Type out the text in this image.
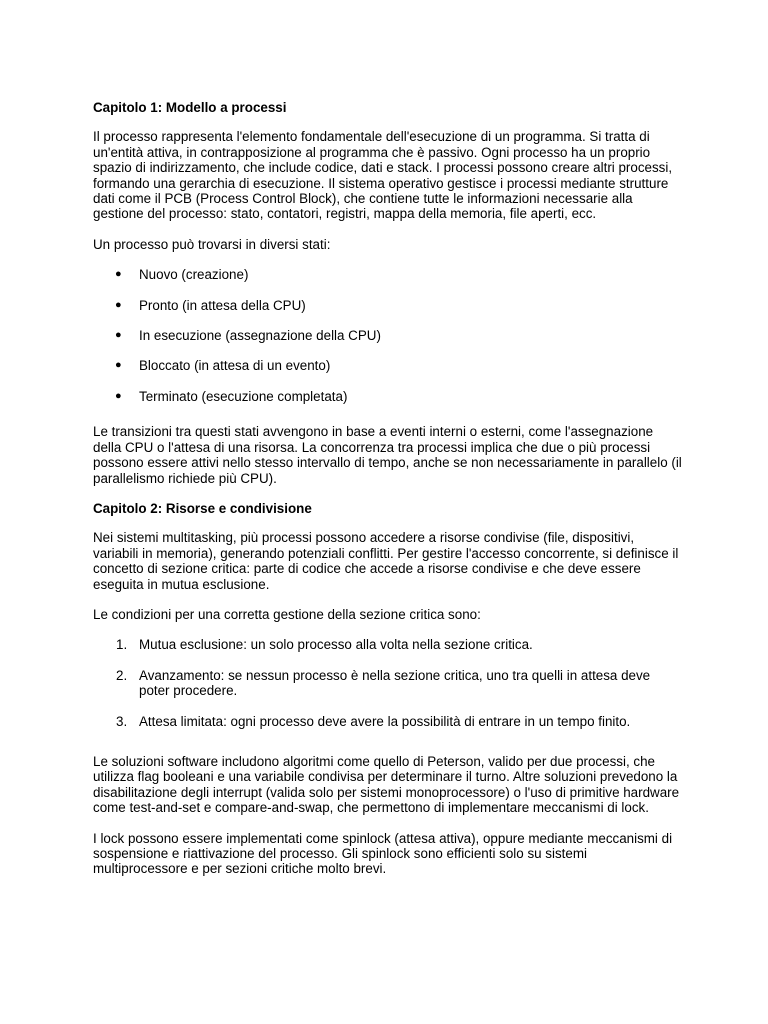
Capitolo 1: Modello a processi

Il processo rappresenta l'elemento fondamentale dell'esecuzione di un programma. Si tratta di un'entità attiva, in contrapposizione al programma che è passivo. Ogni processo ha un proprio spazio di indirizzamento, che include codice, dati e stack. I processi possono creare altri processi, formando una gerarchia di esecuzione. Il sistema operativo gestisce i processi mediante strutture dati come il PCB (Process Control Block), che contiene tutte le informazioni necessarie alla gestione del processo: stato, contatori, registri, mappa della memoria, file aperti, ecc.

Un processo può trovarsi in diversi stati:

● Nuovo (creazione)
● Pronto (in attesa della CPU)
● In esecuzione (assegnazione della CPU)
● Bloccato (in attesa di un evento)
● Terminato (esecuzione completata)

Le transizioni tra questi stati avvengono in base a eventi interni o esterni, come l'assegnazione della CPU o l'attesa di una risorsa. La concorrenza tra processi implica che due o più processi possono essere attivi nello stesso intervallo di tempo, anche se non necessariamente in parallelo (il parallelismo richiede più CPU).

Capitolo 2: Risorse e condivisione

Nei sistemi multitasking, più processi possono accedere a risorse condivise (file, dispositivi, variabili in memoria), generando potenziali conflitti. Per gestire l'accesso concorrente, si definisce il concetto di sezione critica: parte di codice che accede a risorse condivise e che deve essere eseguita in mutua esclusione.

Le condizioni per una corretta gestione della sezione critica sono:

1. Mutua esclusione: un solo processo alla volta nella sezione critica.
2. Avanzamento: se nessun processo è nella sezione critica, uno tra quelli in attesa deve poter procedere.
3. Attesa limitata: ogni processo deve avere la possibilità di entrare in un tempo finito.

Le soluzioni software includono algoritmi come quello di Peterson, valido per due processi, che utilizza flag booleani e una variabile condivisa per determinare il turno. Altre soluzioni prevedono la disabilitazione degli interrupt (valida solo per sistemi monoprocessore) o l'uso di primitive hardware come test-and-set e compare-and-swap, che permettono di implementare meccanismi di lock.

I lock possono essere implementati come spinlock (attesa attiva), oppure mediante meccanismi di sospensione e riattivazione del processo. Gli spinlock sono efficienti solo su sistemi multiprocessore e per sezioni critiche molto brevi.
